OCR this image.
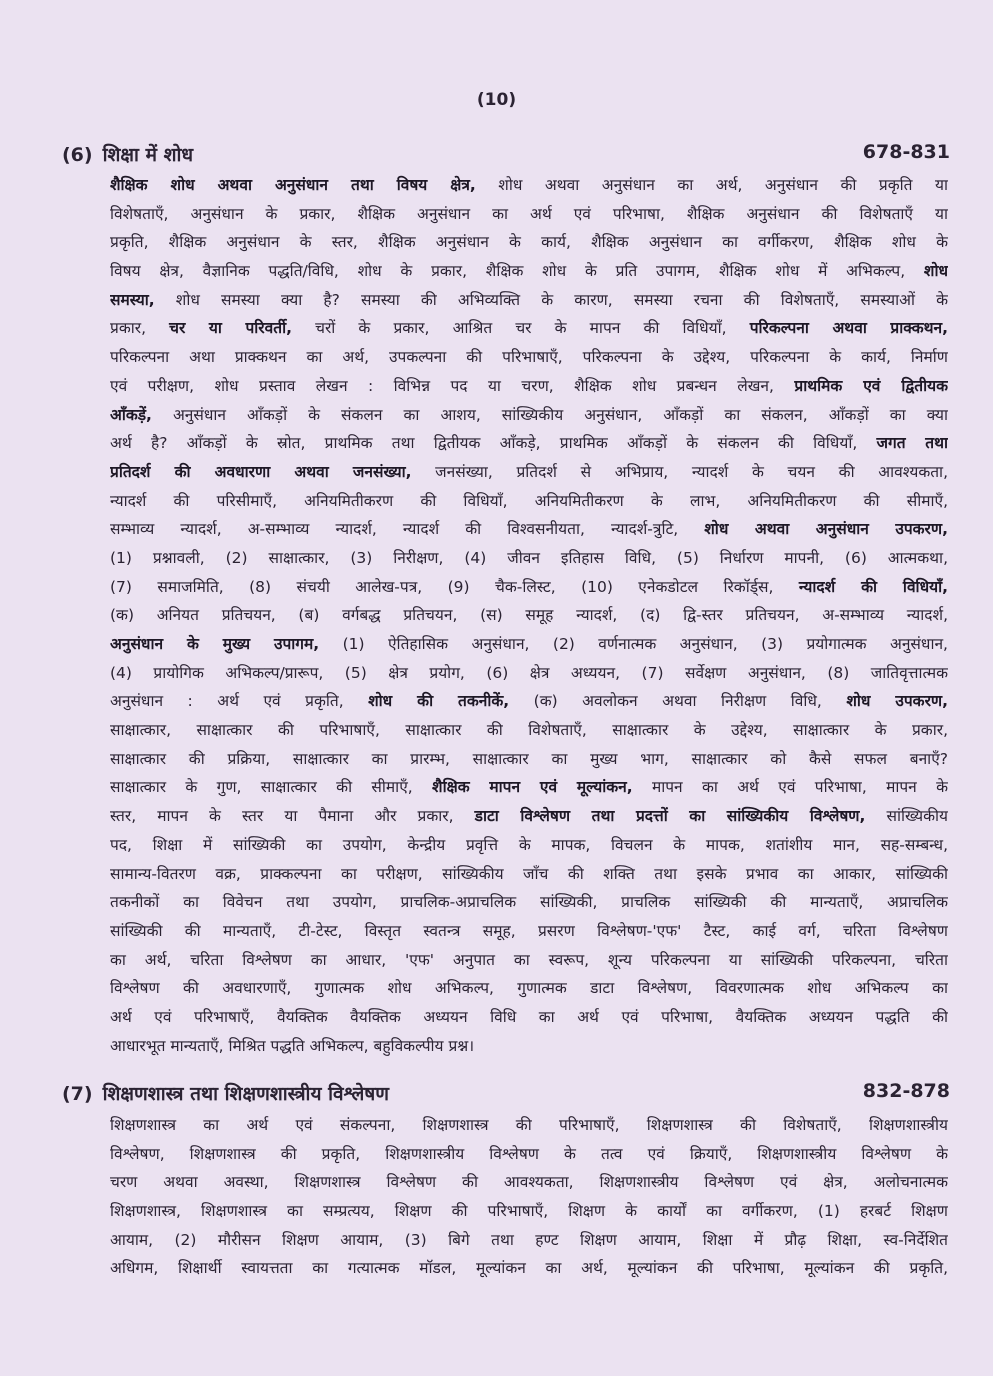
(10)
(6) शिक्षा में शोध	678-831
शैक्षिक शोध अथवा अनुसंधान तथा विषय क्षेत्र, शोध अथवा अनुसंधान का अर्थ, अनुसंधान की प्रकृति या
विशेषताएँ, अनुसंधान के प्रकार, शैक्षिक अनुसंधान का अर्थ एवं परिभाषा, शैक्षिक अनुसंधान की विशेषताएँ या
प्रकृति, शैक्षिक अनुसंधान के स्तर, शैक्षिक अनुसंधान के कार्य, शैक्षिक अनुसंधान का वर्गीकरण, शैक्षिक शोध के
विषय क्षेत्र, वैज्ञानिक पद्धति/विधि, शोध के प्रकार, शैक्षिक शोध के प्रति उपागम, शैक्षिक शोध में अभिकल्प, शोध
समस्या, शोध समस्या क्या है? समस्या की अभिव्यक्ति के कारण, समस्या रचना की विशेषताएँ, समस्याओं के
प्रकार, चर या परिवर्ती, चरों के प्रकार, आश्रित चर के मापन की विधियाँ, परिकल्पना अथवा प्राक्कथन,
परिकल्पना अथा प्राक्कथन का अर्थ, उपकल्पना की परिभाषाएँ, परिकल्पना के उद्देश्य, परिकल्पना के कार्य, निर्माण
एवं परीक्षण, शोध प्रस्ताव लेखन : विभिन्न पद या चरण, शैक्षिक शोध प्रबन्धन लेखन, प्राथमिक एवं द्वितीयक
आँकड़ें, अनुसंधान आँकड़ों के संकलन का आशय, सांख्यिकीय अनुसंधान, आँकड़ों का संकलन, आँकड़ों का क्या
अर्थ है? आँकड़ों के स्रोत, प्राथमिक तथा द्वितीयक आँकड़े, प्राथमिक आँकड़ों के संकलन की विधियाँ, जगत तथा
प्रतिदर्श की अवधारणा अथवा जनसंख्या, जनसंख्या, प्रतिदर्श से अभिप्राय, न्यादर्श के चयन की आवश्यकता,
न्यादर्श की परिसीमाएँ, अनियमितीकरण की विधियाँ, अनियमितीकरण के लाभ, अनियमितीकरण की सीमाएँ,
सम्भाव्य न्यादर्श, अ-सम्भाव्य न्यादर्श, न्यादर्श की विश्वसनीयता, न्यादर्श-त्रुटि, शोध अथवा अनुसंधान उपकरण,
(1) प्रश्नावली, (2) साक्षात्कार, (3) निरीक्षण, (4) जीवन इतिहास विधि, (5) निर्धारण मापनी, (6) आत्मकथा,
(7) समाजमिति, (8) संचयी आलेख-पत्र, (9) चैक-लिस्ट, (10) एनेकडोटल रिकॉर्ड्स, न्यादर्श की विधियाँ,
(क) अनियत प्रतिचयन, (ब) वर्गबद्ध प्रतिचयन, (स) समूह न्यादर्श, (द) द्वि-स्तर प्रतिचयन, अ-सम्भाव्य न्यादर्श,
अनुसंधान के मुख्य उपागम, (1) ऐतिहासिक अनुसंधान, (2) वर्णनात्मक अनुसंधान, (3) प्रयोगात्मक अनुसंधान,
(4) प्रायोगिक अभिकल्प/प्रारूप, (5) क्षेत्र प्रयोग, (6) क्षेत्र अध्ययन, (7) सर्वेक्षण अनुसंधान, (8) जातिवृत्तात्मक
अनुसंधान : अर्थ एवं प्रकृति, शोध की तकनीकें, (क) अवलोकन अथवा निरीक्षण विधि, शोध उपकरण,
साक्षात्कार, साक्षात्कार की परिभाषाएँ, साक्षात्कार की विशेषताएँ, साक्षात्कार के उद्देश्य, साक्षात्कार के प्रकार,
साक्षात्कार की प्रक्रिया, साक्षात्कार का प्रारम्भ, साक्षात्कार का मुख्य भाग, साक्षात्कार को कैसे सफल बनाएँ?
साक्षात्कार के गुण, साक्षात्कार की सीमाएँ, शैक्षिक मापन एवं मूल्यांकन, मापन का अर्थ एवं परिभाषा, मापन के
स्तर, मापन के स्तर या पैमाना और प्रकार, डाटा विश्लेषण तथा प्रदत्तों का सांख्यिकीय विश्लेषण, सांख्यिकीय
पद, शिक्षा में सांख्यिकी का उपयोग, केन्द्रीय प्रवृत्ति के मापक, विचलन के मापक, शतांशीय मान, सह-सम्बन्ध,
सामान्य-वितरण वक्र, प्राक्कल्पना का परीक्षण, सांख्यिकीय जाँच की शक्ति तथा इसके प्रभाव का आकार, सांख्यिकी
तकनीकों का विवेचन तथा उपयोग, प्राचलिक-अप्राचलिक सांख्यिकी, प्राचलिक सांख्यिकी की मान्यताएँ, अप्राचलिक
सांख्यिकी की मान्यताएँ, टी-टेस्ट, विस्तृत स्वतन्त्र समूह, प्रसरण विश्लेषण-'एफ' टैस्ट, काई वर्ग, चरिता विश्लेषण
का अर्थ, चरिता विश्लेषण का आधार, 'एफ' अनुपात का स्वरूप, शून्य परिकल्पना या सांख्यिकी परिकल्पना, चरिता
विश्लेषण की अवधारणाएँ, गुणात्मक शोध अभिकल्प, गुणात्मक डाटा विश्लेषण, विवरणात्मक शोध अभिकल्प का
अर्थ एवं परिभाषाएँ, वैयक्तिक वैयक्तिक अध्ययन विधि का अर्थ एवं परिभाषा, वैयक्तिक अध्ययन पद्धति की
आधारभूत मान्यताएँ, मिश्रित पद्धति अभिकल्प, बहुविकल्पीय प्रश्न।
(7) शिक्षणशास्त्र तथा शिक्षणशास्त्रीय विश्लेषण	832-878
शिक्षणशास्त्र का अर्थ एवं संकल्पना, शिक्षणशास्त्र की परिभाषाएँ, शिक्षणशास्त्र की विशेषताएँ, शिक्षणशास्त्रीय
विश्लेषण, शिक्षणशास्त्र की प्रकृति, शिक्षणशास्त्रीय विश्लेषण के तत्व एवं क्रियाएँ, शिक्षणशास्त्रीय विश्लेषण के
चरण अथवा अवस्था, शिक्षणशास्त्र विश्लेषण की आवश्यकता, शिक्षणशास्त्रीय विश्लेषण एवं क्षेत्र, अलोचनात्मक
शिक्षणशास्त्र, शिक्षणशास्त्र का सम्प्रत्यय, शिक्षण की परिभाषाएँ, शिक्षण के कार्यों का वर्गीकरण, (1) हरबर्ट शिक्षण
आयाम, (2) मौरीसन शिक्षण आयाम, (3) बिगे तथा हण्ट शिक्षण आयाम, शिक्षा में प्रौढ़ शिक्षा, स्व-निर्देशित
अधिगम, शिक्षार्थी स्वायत्तता का गत्यात्मक मॉडल, मूल्यांकन का अर्थ, मूल्यांकन की परिभाषा, मूल्यांकन की प्रकृति,
